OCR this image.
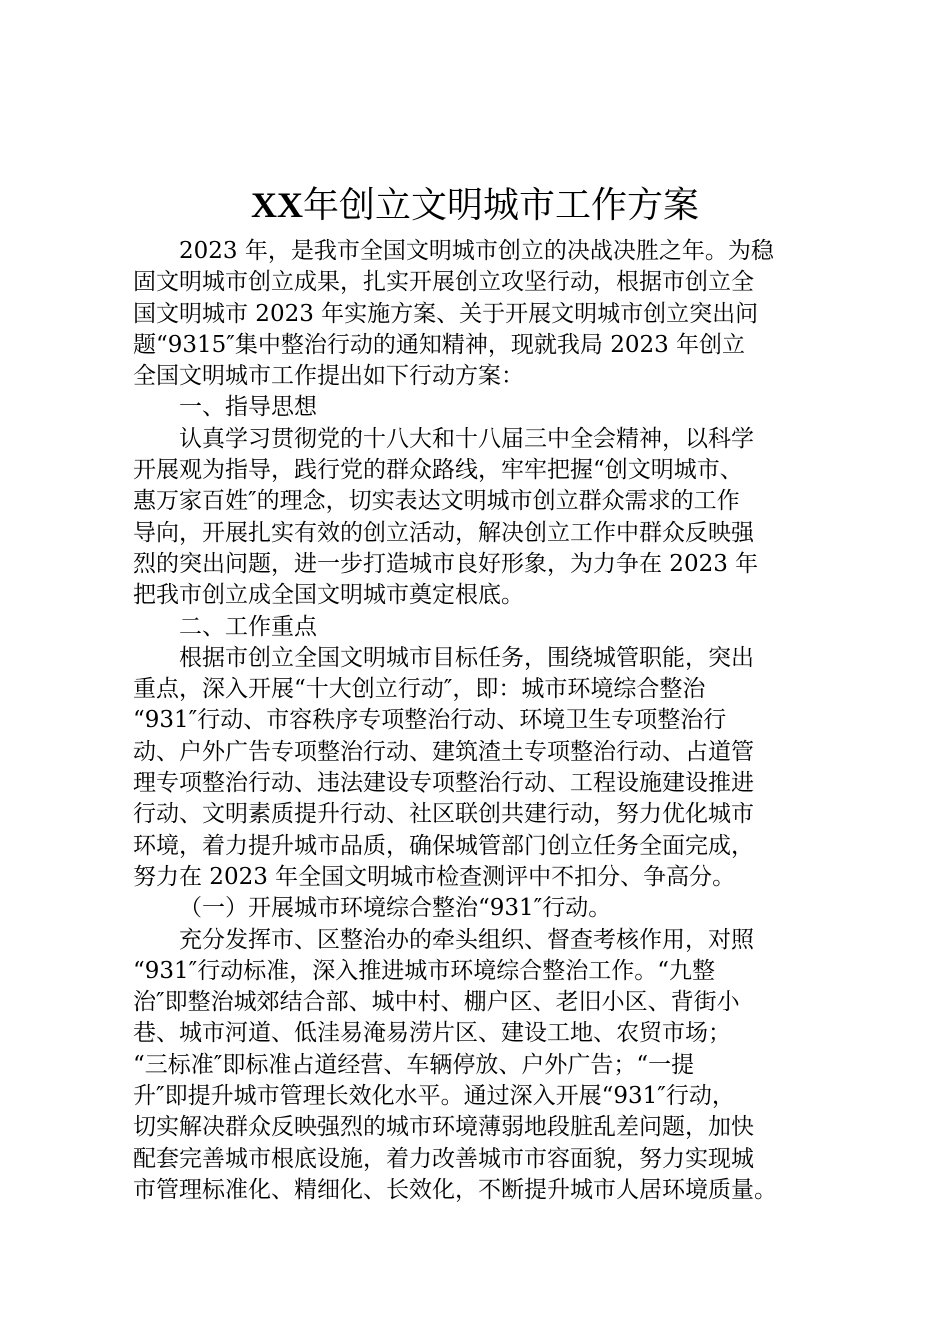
XX年创立文明城市工作方案

2023 年，是我市全国文明城市创立的决战决胜之年。为稳

固文明城市创立成果，扎实开展创立攻坚行动，根据市创立全

国文明城市 2023 年实施方案、关于开展文明城市创立突出问

题“9315″集中整治行动的通知精神，现就我局 2023 年创立

全国文明城市工作提出如下行动方案：

一、指导思想

认真学习贯彻党的十八大和十八届三中全会精神，以科学

开展观为指导，践行党的群众路线，牢牢把握“创文明城市、

惠万家百姓″的理念，切实表达文明城市创立群众需求的工作

导向，开展扎实有效的创立活动，解决创立工作中群众反映强

烈的突出问题，进一步打造城市良好形象，为力争在 2023 年

把我市创立成全国文明城市奠定根底。

二、工作重点

根据市创立全国文明城市目标任务，围绕城管职能，突出

重点，深入开展“十大创立行动″，即：城市环境综合整治

“931″行动、市容秩序专项整治行动、环境卫生专项整治行

动、户外广告专项整治行动、建筑渣土专项整治行动、占道管

理专项整治行动、违法建设专项整治行动、工程设施建设推进

行动、文明素质提升行动、社区联创共建行动，努力优化城市

环境，着力提升城市品质，确保城管部门创立任务全面完成，

努力在 2023 年全国文明城市检查测评中不扣分、争高分。

（一）开展城市环境综合整治“931″行动。

充分发挥市、区整治办的牵头组织、督查考核作用，对照

“931″行动标准，深入推进城市环境综合整治工作。“九整

治″即整治城郊结合部、城中村、棚户区、老旧小区、背街小

巷、城市河道、低洼易淹易涝片区、建设工地、农贸市场；

“三标准″即标准占道经营、车辆停放、户外广告；“一提

升″即提升城市管理长效化水平。通过深入开展“931″行动，

切实解决群众反映强烈的城市环境薄弱地段脏乱差问题，加快

配套完善城市根底设施，着力改善城市市容面貌，努力实现城

市管理标准化、精细化、长效化，不断提升城市人居环境质量。
